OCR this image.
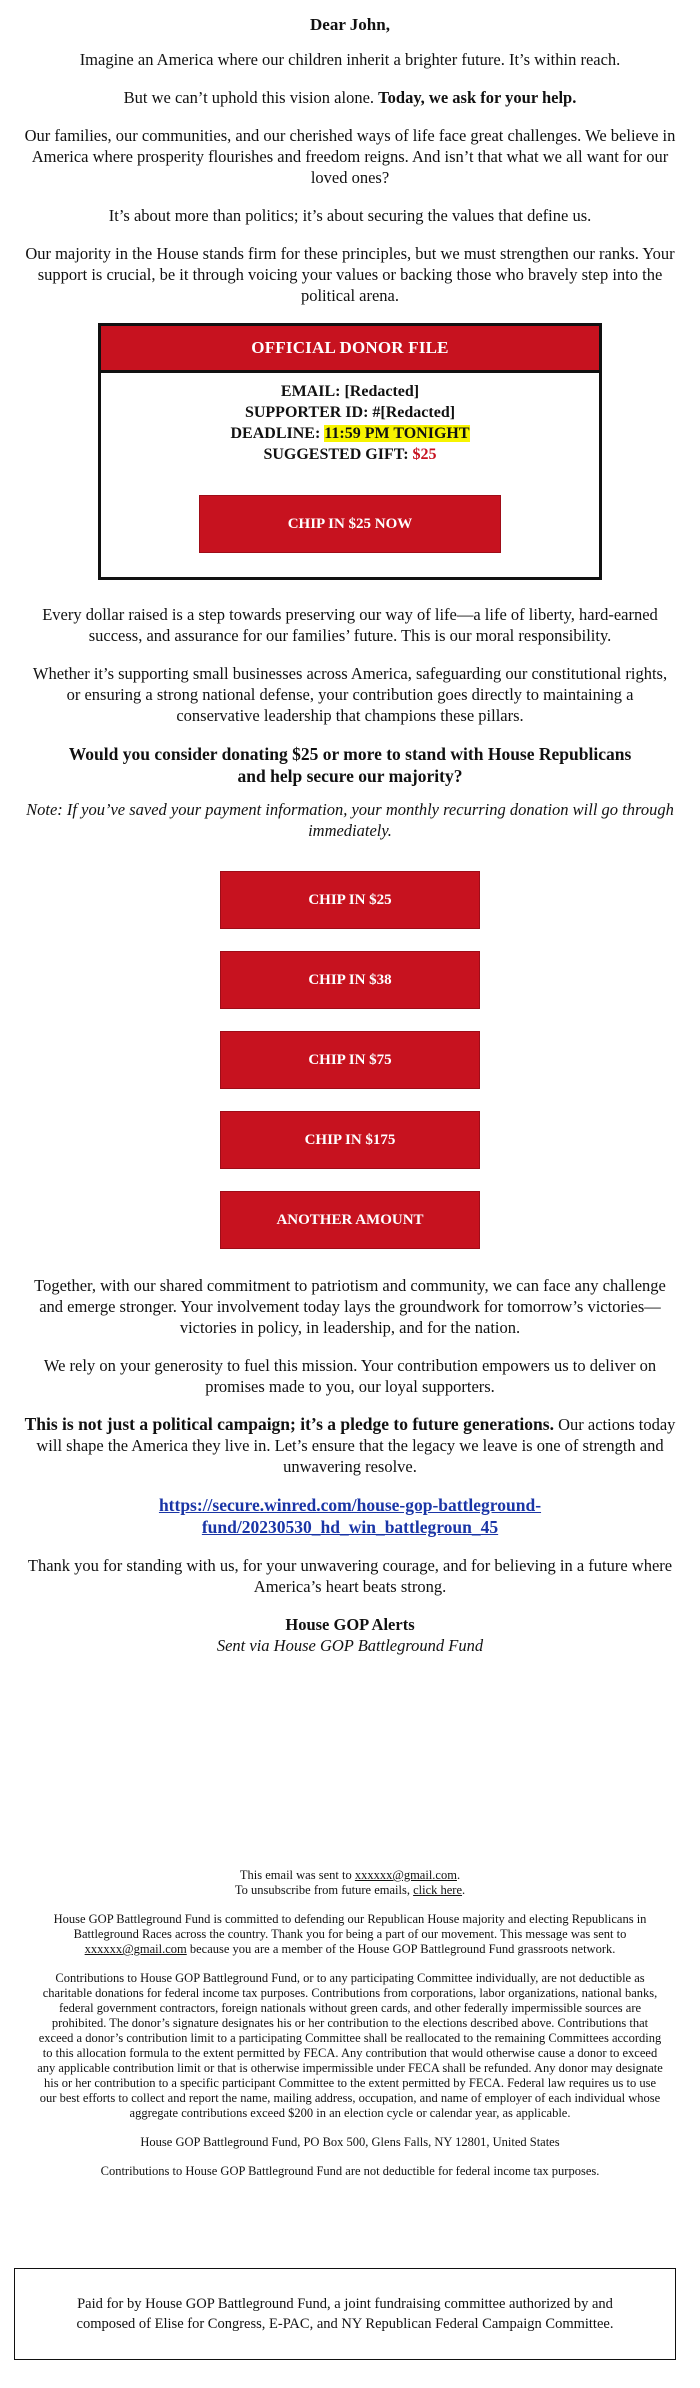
Dear John,

Imagine an America where our children inherit a brighter future. It’s within reach.

But we can’t uphold this vision alone. Today, we ask for your help.

Our families, our communities, and our cherished ways of life face great challenges. We believe in America where prosperity flourishes and freedom reigns. And isn’t that what we all want for our loved ones?

It’s about more than politics; it’s about securing the values that define us.

Our majority in the House stands firm for these principles, but we must strengthen our ranks. Your support is crucial, be it through voicing your values or backing those who bravely step into the political arena.

OFFICIAL DONOR FILE

EMAIL: [Redacted]

SUPPORTER ID: #[Redacted]

DEADLINE: 11:59 PM TONIGHT

SUGGESTED GIFT: $25

CHIP IN $25 NOW

Every dollar raised is a step towards preserving our way of life—a life of liberty, hard-earned success, and assurance for our families’ future. This is our moral responsibility.

Whether it’s supporting small businesses across America, safeguarding our constitutional rights, or ensuring a strong national defense, your contribution goes directly to maintaining a conservative leadership that champions these pillars.

Would you consider donating $25 or more to stand with House Republicans and help secure our majority?

Note: If you’ve saved your payment information, your monthly recurring donation will go through immediately.

CHIP IN $25
CHIP IN $38
CHIP IN $75
CHIP IN $175
ANOTHER AMOUNT

Together, with our shared commitment to patriotism and community, we can face any challenge and emerge stronger. Your involvement today lays the groundwork for tomorrow’s victories—victories in policy, in leadership, and for the nation.

We rely on your generosity to fuel this mission. Your contribution empowers us to deliver on promises made to you, our loyal supporters.

This is not just a political campaign; it’s a pledge to future generations. Our actions today will shape the America they live in. Let’s ensure that the legacy we leave is one of strength and unwavering resolve.

https://secure.winred.com/house-gop-battleground-fund/20230530_hd_win_battlegroun_45

Thank you for standing with us, for your unwavering courage, and for believing in a future where America’s heart beats strong.

House GOP Alerts

Sent via House GOP Battleground Fund

This email was sent to xxxxxx@gmail.com.

To unsubscribe from future emails, click here.

House GOP Battleground Fund is committed to defending our Republican House majority and electing Republicans in Battleground Races across the country. Thank you for being a part of our movement. This message was sent to xxxxxx@gmail.com because you are a member of the House GOP Battleground Fund grassroots network.

Contributions to House GOP Battleground Fund, or to any participating Committee individually, are not deductible as charitable donations for federal income tax purposes. Contributions from corporations, labor organizations, national banks, federal government contractors, foreign nationals without green cards, and other federally impermissible sources are prohibited. The donor’s signature designates his or her contribution to the elections described above. Contributions that exceed a donor’s contribution limit to a participating Committee shall be reallocated to the remaining Committees according to this allocation formula to the extent permitted by FECA. Any contribution that would otherwise cause a donor to exceed any applicable contribution limit or that is otherwise impermissible under FECA shall be refunded. Any donor may designate his or her contribution to a specific participant Committee to the extent permitted by FECA. Federal law requires us to use our best efforts to collect and report the name, mailing address, occupation, and name of employer of each individual whose aggregate contributions exceed $200 in an election cycle or calendar year, as applicable.

House GOP Battleground Fund, PO Box 500, Glens Falls, NY 12801, United States

Contributions to House GOP Battleground Fund are not deductible for federal income tax purposes.

Paid for by House GOP Battleground Fund, a joint fundraising committee authorized by and composed of Elise for Congress, E-PAC, and NY Republican Federal Campaign Committee.
